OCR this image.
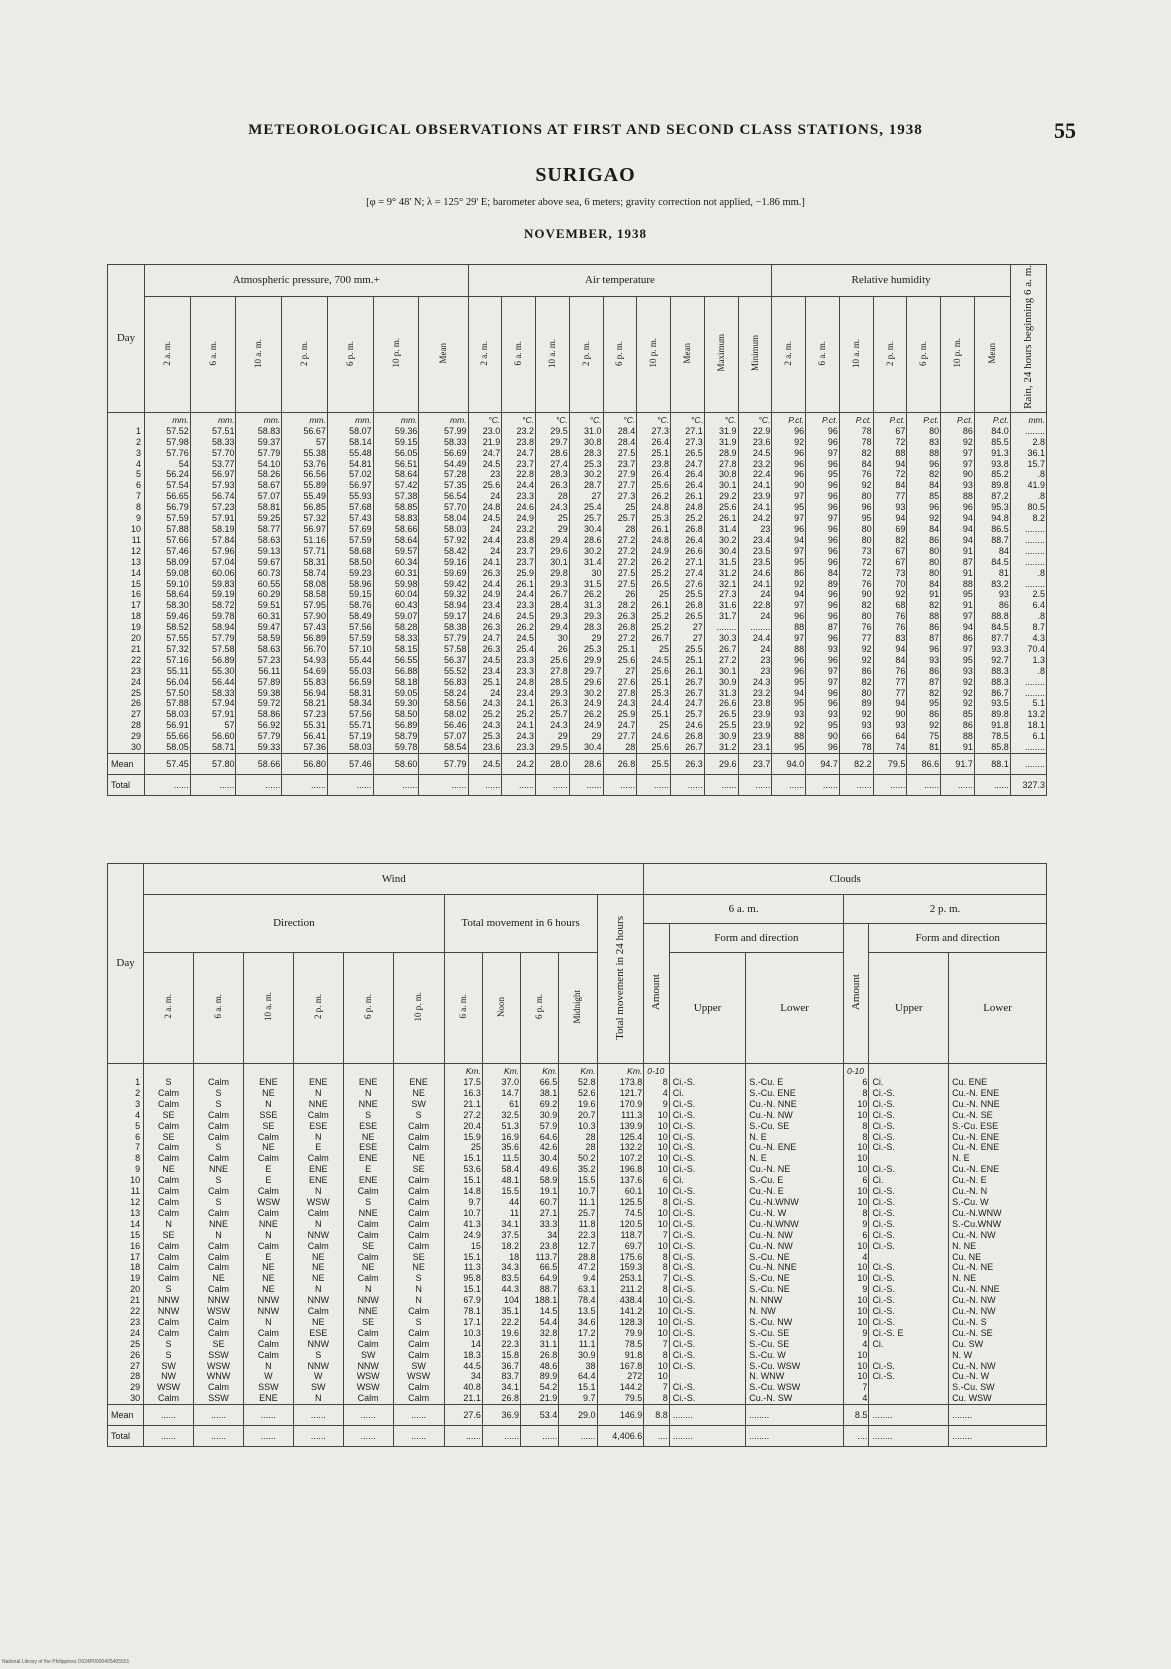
METEOROLOGICAL OBSERVATIONS AT FIRST AND SECOND CLASS STATIONS, 1938	55
SURIGAO
[φ = 9° 48' N; λ = 125° 29' E; barometer above sea, 6 meters; gravity correction not applied, −1.86 mm.]
NOVEMBER, 1938
Day	Atmospheric pressure, 700 mm.+							Air temperature									Relative humidity							Rain, 24 hours beginning 6 a. m.
	2 a. m.	6 a. m.	10 a. m.	2 p. m.	6 p. m.	10 p. m.	Mean	2 a. m.	6 a. m.	10 a. m.	2 p. m.	6 p. m.	10 p. m.	Mean	Maximum	Minimum	2 a. m.	6 a. m.	10 a. m.	2 p. m.	6 p. m.	10 p. m.	Mean	
	mm.	mm.	mm.	mm.	mm.	mm.	mm.	°C.	°C.	°C.	°C.	°C.	°C.	°C.	°C.	°C.	P.ct.	P.ct.	P.ct.	P.ct.	P.ct.	P.ct.	P.ct.	mm.
1	57.52	57.51	58.83	56.67	58.07	59.36	57.99	23.0	23.2	29.5	31.0	28.4	27.3	27.1	31.9	22.9	96	96	78	67	80	86	84.0	........
2	57.98	58.33	59.37	57	58.14	59.15	58.33	21.9	23.8	29.7	30.8	28.4	26.4	27.3	31.9	23.6	92	96	78	72	83	92	85.5	2.8
3	57.76	57.70	57.79	55.38	55.48	56.05	56.69	24.7	24.7	28.6	28.3	27.5	25.1	26.5	28.9	24.5	96	97	82	88	88	97	91.3	36.1
4	54	53.77	54.10	53.76	54.81	56.51	54.49	24.5	23.7	27.4	25.3	23.7	23.8	24.7	27.8	23.2	96	96	84	94	96	97	93.8	15.7
5	56.24	56.97	58.26	56.56	57.02	58.64	57.28	23	22.8	28.3	30.2	27.9	26.4	26.4	30.8	22.4	96	95	76	72	82	90	85.2	.8
6	57.54	57.93	58.67	55.89	56.97	57.42	57.35	25.6	24.4	26.3	28.7	27.7	25.6	26.4	30.1	24.1	90	96	92	84	84	93	89.8	41.9
7	56.65	56.74	57.07	55.49	55.93	57.38	56.54	24	23.3	28	27	27.3	26.2	26.1	29.2	23.9	97	96	80	77	85	88	87.2	.8
8	56.79	57.23	58.81	56.85	57.68	58.85	57.70	24.8	24.6	24.3	25.4	25	24.8	24.8	25.6	24.1	95	96	96	93	96	96	95.3	80.5
9	57.59	57.91	59.25	57.32	57.43	58.83	58.04	24.5	24.9	25	25.7	25.7	25.3	25.2	26.1	24.2	97	97	95	94	92	94	94.8	8.2
10	57.88	58.19	58.77	56.97	57.69	58.66	58.03	24	23.2	29	30.4	28	26.1	26.8	31.4	23	96	96	80	69	84	94	86.5	........
11	57.66	57.84	58.63	51.16	57.59	58.64	57.92	24.4	23.8	29.4	28.6	27.2	24.8	26.4	30.2	23.4	94	96	80	82	86	94	88.7	........
12	57.46	57.96	59.13	57.71	58.68	59.57	58.42	24	23.7	29.6	30.2	27.2	24.9	26.6	30.4	23.5	97	96	73	67	80	91	84	........
13	58.09	57.04	59.67	58.31	58.50	60.34	59.16	24.1	23.7	30.1	31.4	27.2	26.2	27.1	31.5	23.5	95	96	72	67	80	87	84.5	........
14	59.08	60.06	60.73	58.74	59.23	60.31	59.69	26.3	25.9	29.8	30	27.5	25.2	27.4	31.2	24.6	86	84	72	73	80	91	81	.8
15	59.10	59.83	60.55	58.08	58.96	59.98	59.42	24.4	26.1	29.3	31.5	27.5	26.5	27.6	32.1	24.1	92	89	76	70	84	88	83.2	........
16	58.64	59.19	60.29	58.58	59.15	60.04	59.32	24.9	24.4	26.7	26.2	26	25	25.5	27.3	24	94	96	90	92	91	95	93	2.5
17	58.30	58.72	59.51	57.95	58.76	60.43	58.94	23.4	23.3	28.4	31.3	28.2	26.1	26.8	31.6	22.8	97	96	82	68	82	91	86	6.4
18	59.46	59.78	60.31	57.90	58.49	59.07	59.17	24.6	24.5	29.3	29.3	26.3	25.2	26.5	31.7	24	96	96	80	76	88	97	88.8	.8
19	58.52	58.94	59.47	57.43	57.56	58.28	58.38	26.3	26.2	29.4	28.3	26.8	25.2	27	........	........	88	87	76	76	86	94	84.5	8.7
20	57.55	57.79	58.59	56.89	57.59	58.33	57.79	24.7	24.5	30	29	27.2	26.7	27	30.3	24.4	97	96	77	83	87	86	87.7	4.3
21	57.32	57.58	58.63	56.70	57.10	58.15	57.58	26.3	25.4	26	25.3	25.1	25	25.5	26.7	24	88	93	92	94	96	97	93.3	70.4
22	57.16	56.89	57.23	54.93	55.44	56.55	56.37	24.5	23.3	25.6	29.9	25.6	24.5	25.1	27.2	23	96	96	92	84	93	95	92.7	1.3
23	55.11	55.30	56.11	54.69	55.03	56.88	55.52	23.4	23.3	27.8	29.7	27	25.6	26.1	30.1	23	96	97	86	76	86	93	88.3	.8
24	56.04	56.44	57.89	55.83	56.59	58.18	56.83	25.1	24.8	28.5	29.6	27.6	25.1	26.7	30.9	24.3	95	97	82	77	87	92	88.3	........
25	57.50	58.33	59.38	56.94	58.31	59.05	58.24	24	23.4	29.3	30.2	27.8	25.3	26.7	31.3	23.2	94	96	80	77	82	92	86.7	........
26	57.88	57.94	59.72	58.21	58.34	59.30	58.56	24.3	24.1	26.3	24.9	24.3	24.4	24.7	26.6	23.8	95	96	89	94	95	92	93.5	5.1
27	58.03	57.91	58.86	57.23	57.56	58.50	58.02	25.2	25.2	25.7	26.2	25.9	25.1	25.7	26.5	23.9	93	93	92	90	86	85	89.8	13.2
28	56.91	57	56.92	55.31	55.71	56.89	56.46	24.3	24.1	24.3	24.9	24.7	25	24.6	25.5	23.9	92	95	93	93	92	86	91.8	18.1
29	55.66	56.60	57.79	56.41	57.19	58.79	57.07	25.3	24.3	29	29	27.7	24.6	26.8	30.9	23.9	88	90	66	64	75	88	78.5	6.1
30	58.05	58.71	59.33	57.36	58.03	59.78	58.54	23.6	23.3	29.5	30.4	28	25.6	26.7	31.2	23.1	95	96	78	74	81	91	85.8	........
Mean	57.45	57.80	58.66	56.80	57.46	58.60	57.79	24.5	24.2	28.0	28.6	26.8	25.5	26.3	29.6	23.7	94.0	94.7	82.2	79.5	86.6	91.7	88.1	........
Total	......	......	......	......	......	......	......	......	......	......	......	......	......	......	......	......	......	......	......	......	......	......	......	327.3
Day	Wind											Clouds					
	Direction						Total movement in 6 hours				Total movement in 24 hours	6 a. m.			2 p. m.		
												Amount	Form and direction		Amount	Form and direction	
	2 a. m.	6 a. m.	10 a. m.	2 p. m.	6 p. m.	10 p. m.	6 a. m.	Noon	6 p. m.	Midnight			Upper	Lower		Upper	Lower
							Km.	Km.	Km.	Km.	Km.	0-10			0-10		
1	S	Calm	ENE	ENE	ENE	ENE	17.5	37.0	66.5	52.8	173.8	8	Ci.-S.	S.-Cu. E	6	Ci.	Cu. ENE
2	Calm	S	NE	N	N	NE	16.3	14.7	38.1	52.6	121.7	4	Ci.	S.-Cu. ENE	8	Ci.-S.	Cu.-N. ENE
3	Calm	S	N	NNE	NNE	SW	21.1	61	69.2	19.6	170.9	9	Ci.-S.	Cu.-N. NNE	10	Ci.-S.	Cu.-N. NNE
4	SE	Calm	SSE	Calm	S	S	27.2	32.5	30.9	20.7	111.3	10	Ci.-S.	Cu.-N. NW	10	Ci.-S.	Cu.-N. SE
5	Calm	Calm	SE	ESE	ESE	Calm	20.4	51.3	57.9	10.3	139.9	10	Ci.-S.	S.-Cu. SE	8	Ci.-S.	S.-Cu. ESE
6	SE	Calm	Calm	N	NE	Calm	15.9	16.9	64.6	28	125.4	10	Ci.-S.	N. E	8	Ci.-S.	Cu.-N. ENE
7	Calm	S	NE	E	ESE	Calm	25	35.6	42.6	28	132.2	10	Ci.-S.	Cu.-N. ENE	10	Ci.-S.	Cu.-N. ENE
8	Calm	Calm	Calm	Calm	ENE	NE	15.1	11.5	30.4	50.2	107.2	10	Ci.-S.	N. E	10		N. E
9	NE	NNE	E	ENE	E	SE	53.6	58.4	49.6	35.2	196.8	10	Ci.-S.	Cu.-N. NE	10	Ci.-S.	Cu.-N. ENE
10	Calm	S	E	ENE	ENE	Calm	15.1	48.1	58.9	15.5	137.6	6	Ci.	S.-Cu. E	6	Ci.	Cu.-N. E
11	Calm	Calm	Calm	N	Calm	Calm	14.8	15.5	19.1	10.7	60.1	10	Ci.-S.	Cu.-N. E	10	Ci.-S.	Cu.-N. N
12	Calm	S	WSW	WSW	S	Calm	9.7	44	60.7	11.1	125.5	8	Ci.-S.	Cu.-N.WNW	10	Ci.-S.	S.-Cu. W
13	Calm	Calm	Calm	Calm	NNE	Calm	10.7	11	27.1	25.7	74.5	10	Ci.-S.	Cu.-N. W	8	Ci.-S.	Cu.-N.WNW
14	N	NNE	NNE	N	Calm	Calm	41.3	34.1	33.3	11.8	120.5	10	Ci.-S.	Cu.-N.WNW	9	Ci.-S.	S.-Cu.WNW
15	SE	N	N	NNW	Calm	Calm	24.9	37.5	34	22.3	118.7	7	Ci.-S.	Cu.-N. NW	6	Ci.-S.	Cu.-N. NW
16	Calm	Calm	Calm	Calm	SE	Calm	15	18.2	23.8	12.7	69.7	10	Ci.-S.	Cu.-N. NW	10	Ci.-S.	N. NE
17	Calm	Calm	E	NE	Calm	SE	15.1	18	113.7	28.8	175.6	8	Ci.-S.	S.-Cu. NE	4		Cu. NE
18	Calm	Calm	NE	NE	NE	NE	11.3	34.3	66.5	47.2	159.3	8	Ci.-S.	Cu.-N. NNE	10	Ci.-S.	Cu.-N. NE
19	Calm	NE	NE	NE	Calm	S	95.8	83.5	64.9	9.4	253.1	7	Ci.-S.	S.-Cu. NE	10	Ci.-S.	N. NE
20	S	Calm	NE	N	N	N	15.1	44.3	88.7	63.1	211.2	8	Ci.-S.	S.-Cu. NE	9	Ci.-S.	Cu.-N. NNE
21	NNW	NNW	NNW	NNW	NNW	N	67.9	104	188.1	78.4	438.4	10	Ci.-S.	N. NNW	10	Ci.-S.	Cu.-N. NW
22	NNW	WSW	NNW	Calm	NNE	Calm	78.1	35.1	14.5	13.5	141.2	10	Ci.-S.	N. NW	10	Ci.-S.	Cu.-N. NW
23	Calm	Calm	N	NE	SE	S	17.1	22.2	54.4	34.6	128.3	10	Ci.-S.	S.-Cu. NW	10	Ci.-S.	Cu.-N. S
24	Calm	Calm	Calm	ESE	Calm	Calm	10.3	19.6	32.8	17.2	79.9	10	Ci.-S.	S.-Cu. SE	9	Ci.-S. E	Cu.-N. SE
25	S	SE	Calm	NNW	Calm	Calm	14	22.3	31.1	11.1	78.5	7	Ci.-S.	S.-Cu. SE	4	Ci.	Cu. SW
26	S	SSW	Calm	S	SW	Calm	18.3	15.8	26.8	30.9	91.8	8	Ci.-S.	S.-Cu. W	10		N. W
27	SW	WSW	N	NNW	NNW	SW	44.5	36.7	48.6	38	167.8	10	Ci.-S.	S.-Cu. WSW	10	Ci.-S.	Cu.-N. NW
28	NW	WNW	W	W	WSW	WSW	34	83.7	89.9	64.4	272	10		N. WNW	10	Ci.-S.	Cu.-N. W
29	WSW	Calm	SSW	SW	WSW	Calm	40.8	34.1	54.2	15.1	144.2	7	Ci.-S.	S.-Cu. WSW	7		S.-Cu. SW
30	Calm	SSW	ENE	N	Calm	Calm	21.1	26.8	21.9	9.7	79.5	8	Ci.-S.	Cu.-N. SW	4		Cu. WSW
Mean	......	......	......	......	......	......	27.6	36.9	53.4	29.0	146.9	8.8	........	........	8.5	........	........
Total	......	......	......	......	......	......	......	......	......	......	4,406.6	....	........	........	....	........	........
National Library of the Philippines D024P0000405405551
